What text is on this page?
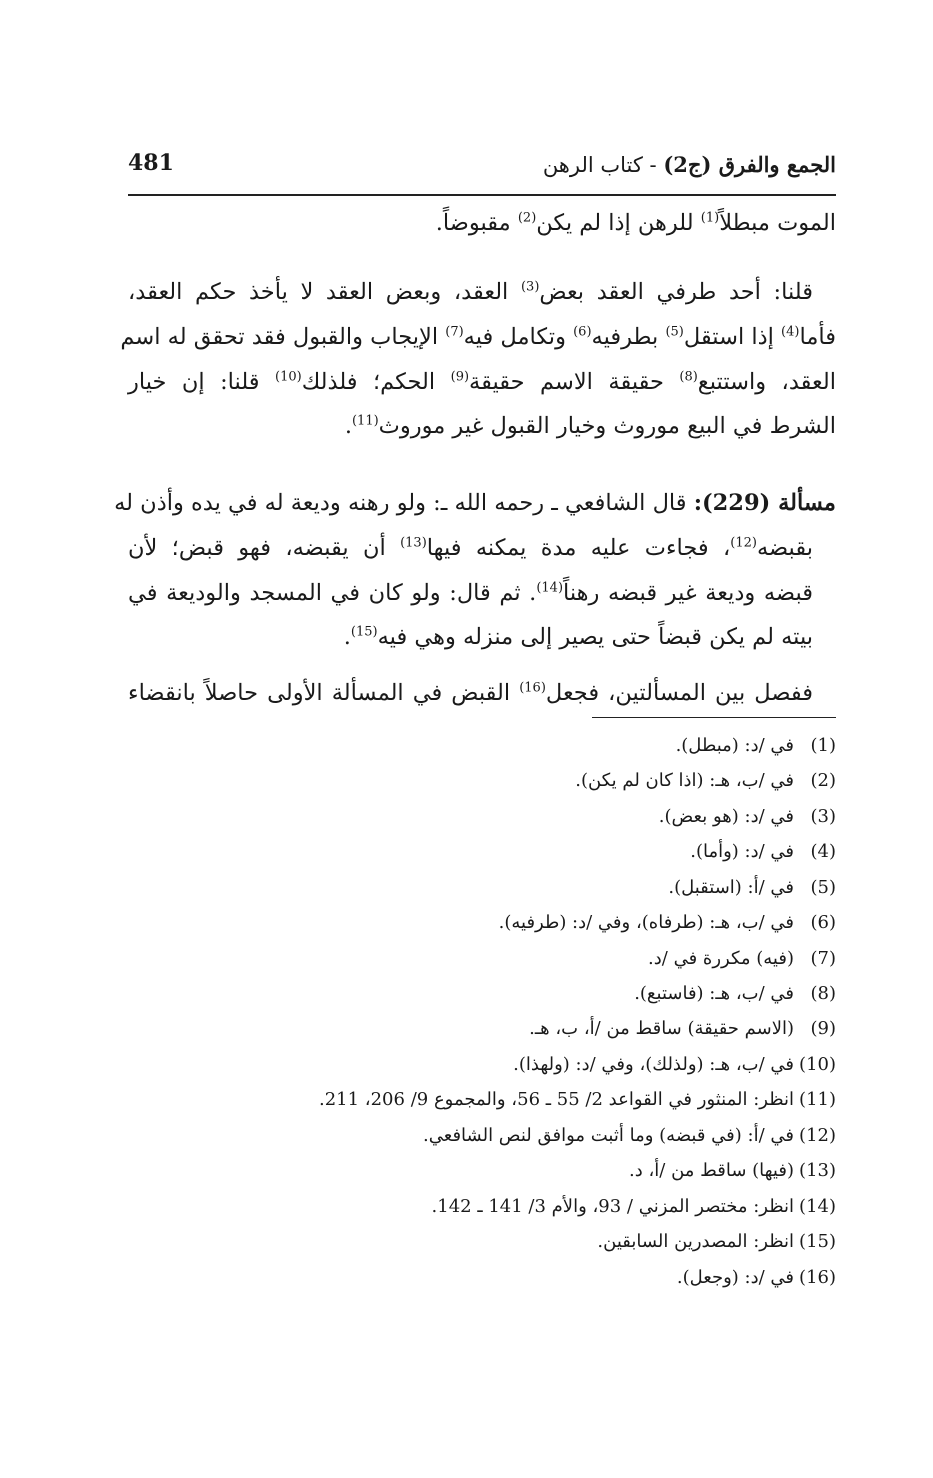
الجمع والفرق (ج2) - كتاب الرهن
481
الموت مبطلاً$^{(1)}$ للرهن إذا لم يكن$^{(2)}$ مقبوضاً.
قلنا: أحد طرفي العقد بعض$^{(3)}$ العقد، وبعض العقد لا يأخذ حكم العقد،
فأما$^{(4)}$ إذا استقل$^{(5)}$ بطرفيه$^{(6)}$ وتكامل فيه$^{(7)}$ الإيجاب والقبول فقد تحقق له اسم
العقد، واستتبع$^{(8)}$ حقيقة الاسم حقيقة$^{(9)}$ الحكم؛ فلذلك$^{(10)}$ قلنا: إن خيار
الشرط في البيع موروث وخيار القبول غير موروث$^{(11)}$.
مسألة (229): قال الشافعي ـ رحمه الله ـ: ولو رهنه وديعة له في يده وأذن له
بقبضه$^{(12)}$، فجاءت عليه مدة يمكنه فيها$^{(13)}$ أن يقبضه، فهو قبض؛ لأن
قبضه وديعة غير قبضه رهناً$^{(14)}$. ثم قال: ولو كان في المسجد والوديعة في
بيته لم يكن قبضاً حتى يصير إلى منزله وهي فيه$^{(15)}$.
ففصل بين المسألتين، فجعل$^{(16)}$ القبض في المسألة الأولى حاصلاً بانقضاء
(1)في /د: (مبطل).
(2)في /ب، هـ: (اذا كان لم يكن).
(3)في /د: (هو بعض).
(4)في /د: (وأما).
(5)في /أ: (استقبل).
(6)في /ب، هـ: (طرفاه)، وفي /د: (طرفيه).
(7)(فيه) مكررة في /د.
(8)في /ب، هـ: (فاستبع).
(9)(الاسم حقيقة) ساقط من /أ، ب، هـ.
(10)في /ب، هـ: (ولذلك)، وفي /د: (ولهذا).
(11)انظر: المنثور في القواعد 2/ 55 ـ 56، والمجموع 9/ 206، 211.
(12)في /أ: (في قبضه) وما أثبت موافق لنص الشافعي.
(13)(فيها) ساقط من /أ، د.
(14)انظر: مختصر المزني / 93، والأم 3/ 141 ـ 142.
(15)انظر: المصدرين السابقين.
(16)في /د: (وجعل).
